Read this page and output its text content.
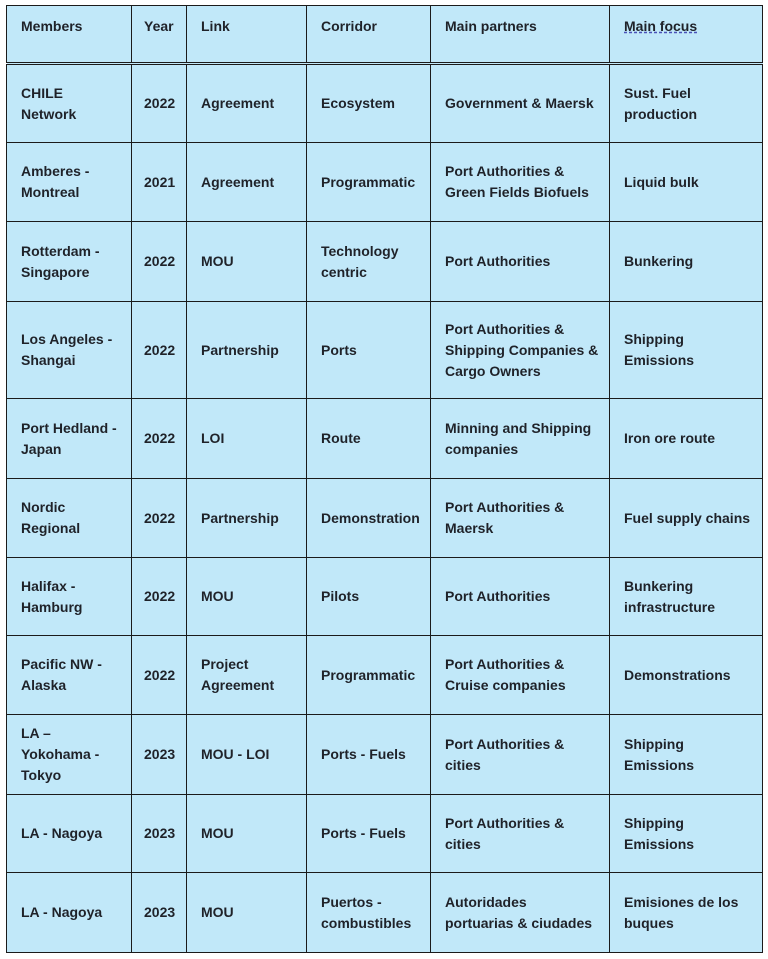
Members	Year	Link	Corridor	Main partners	Main focus
CHILE Network	2022	Agreement	Ecosystem	Government & Maersk	Sust. Fuel production
Amberes - Montreal	2021	Agreement	Programmatic	Port Authorities & Green Fields Biofuels	Liquid bulk
Rotterdam - Singapore	2022	MOU	Technology centric	Port Authorities	Bunkering
Los Angeles - Shangai	2022	Partnership	Ports	Port Authorities & Shipping Companies & Cargo Owners	Shipping Emissions
Port Hedland - Japan	2022	LOI	Route	Minning and Shipping companies	Iron ore route
Nordic Regional	2022	Partnership	Demonstration	Port Authorities & Maersk	Fuel supply chains
Halifax - Hamburg	2022	MOU	Pilots	Port Authorities	Bunkering infrastructure
Pacific NW - Alaska	2022	Project Agreement	Programmatic	Port Authorities & Cruise companies	Demonstrations
LA – Yokohama - Tokyo	2023	MOU - LOI	Ports - Fuels	Port Authorities & cities	Shipping Emissions
LA - Nagoya	2023	MOU	Ports - Fuels	Port Authorities & cities	Shipping Emissions
LA - Nagoya	2023	MOU	Puertos - combustibles	Autoridades portuarias & ciudades	Emisiones de los buques
